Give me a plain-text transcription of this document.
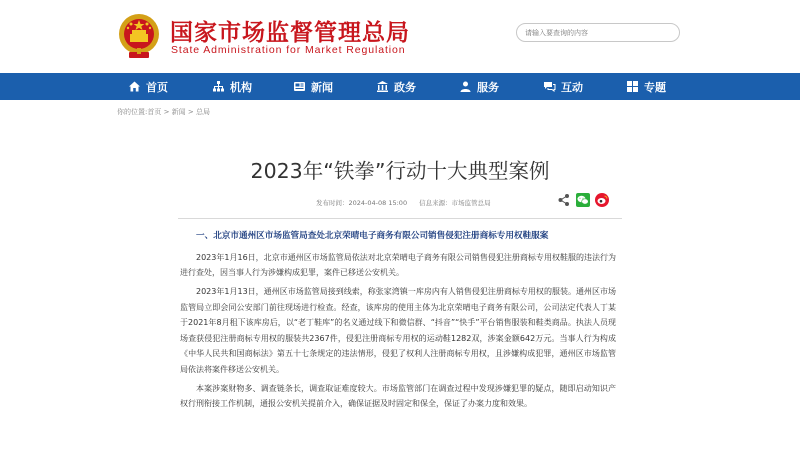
国家市场监督管理总局
State Administration for Market Regulation
请输入要查询的内容
首页	机构	新闻	政务	服务	互动	专题
你的位置:首页 > 新闻 > 总局
2023年“铁拳”行动十大典型案例
发布时间：2024-04-08 15:00 信息来源：市场监管总局
一、北京市通州区市场监管局查处北京荣晴电子商务有限公司销售侵犯注册商标专用权鞋服案

2023年1月16日，北京市通州区市场监管局依法对北京荣晴电子商务有限公司销售侵犯注册商标专用权鞋服的违法行为进行查处，因当事人行为涉嫌构成犯罪，案件已移送公安机关。

2023年1月13日，通州区市场监管局接到线索，称张家湾镇一库房内有人销售侵犯注册商标专用权的服装。通州区市场监管局立即会同公安部门前往现场进行检查。经查，该库房的使用主体为北京荣晴电子商务有限公司，公司法定代表人丁某于2021年8月租下该库房后，以“老丁鞋库”的名义通过线下和微信群、“抖音”“快手”平台销售服装和鞋类商品。执法人员现场查获侵犯注册商标专用权的服装共2367件，侵犯注册商标专用权的运动鞋1282双，涉案金额642万元。当事人行为构成《中华人民共和国商标法》第五十七条规定的违法情形，侵犯了权利人注册商标专用权，且涉嫌构成犯罪，通州区市场监管局依法将案件移送公安机关。

本案涉案财物多、调查链条长，调查取证难度较大。市场监管部门在调查过程中发现涉嫌犯罪的疑点，随即启动知识产权行刑衔接工作机制，通报公安机关提前介入，确保证据及时固定和保全，保证了办案力度和效果。
